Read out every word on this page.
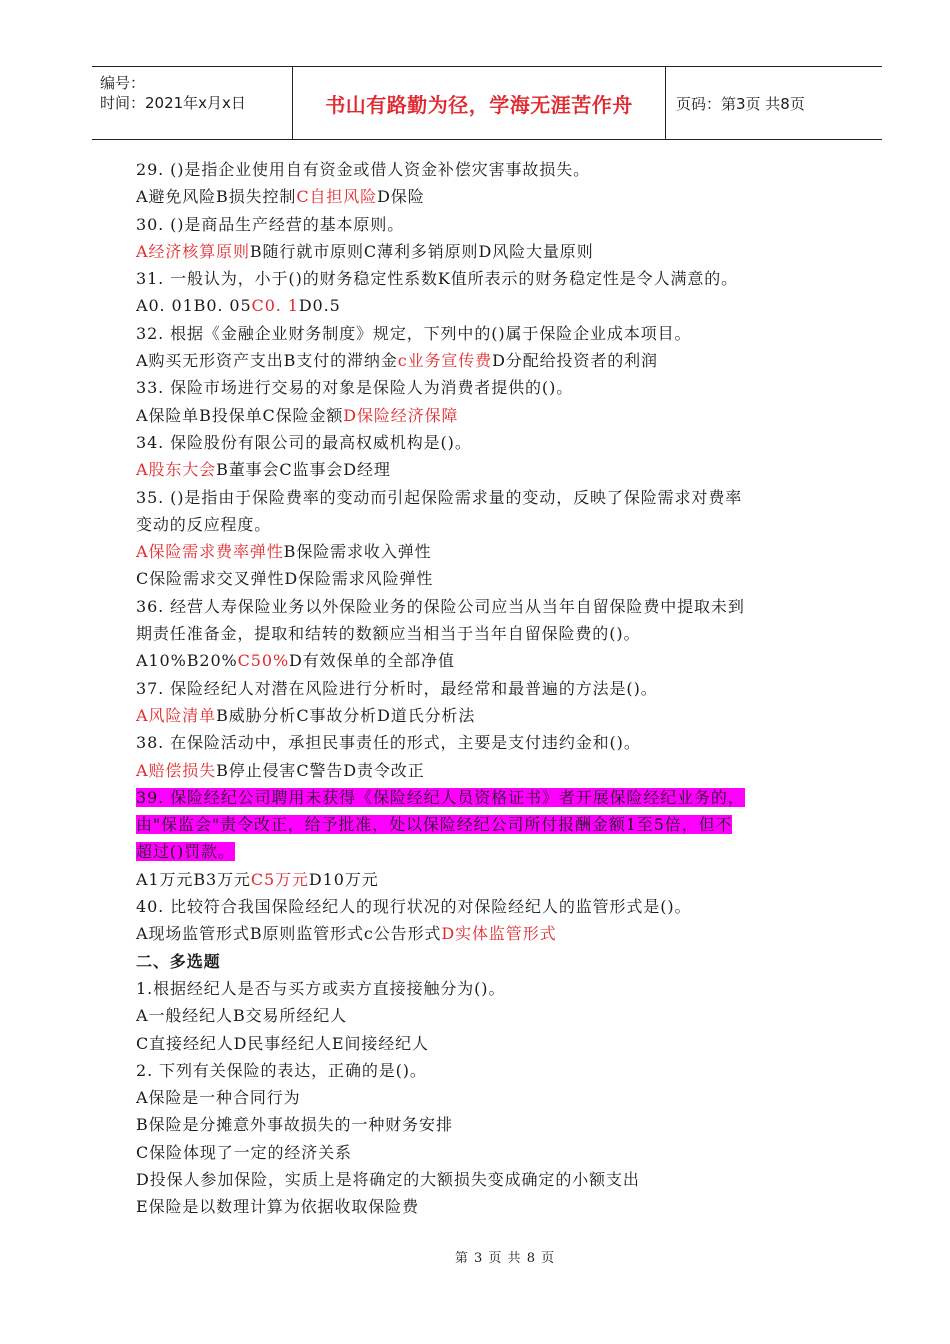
编号：
时间：2021年x月x日	书山有路勤为径，学海无涯苦作舟	页码：第3页 共8页
29. ()是指企业使用自有资金或借人资金补偿灾害事故损失。
A避免风险B损失控制C自担风险D保险
30. ()是商品生产经营的基本原则。
A经济核算原则B随行就市原则C薄利多销原则D风险大量原则
31. 一般认为，小于()的财务稳定性系数K值所表示的财务稳定性是令人满意的。
A0. 01B0. 05C0. 1D0.5
32. 根据《金融企业财务制度》规定，下列中的()属于保险企业成本项目。
A购买无形资产支出B支付的滞纳金c业务宣传费D分配给投资者的利润
33. 保险市场进行交易的对象是保险人为消费者提供的()。
A保险单B投保单C保险金额D保险经济保障
34. 保险股份有限公司的最高权威机构是()。
A股东大会B董事会C监事会D经理
35. ()是指由于保险费率的变动而引起保险需求量的变动，反映了保险需求对费率
变动的反应程度。
A保险需求费率弹性B保险需求收入弹性
C保险需求交叉弹性D保险需求风险弹性
36. 经营人寿保险业务以外保险业务的保险公司应当从当年自留保险费中提取未到
期责任准备金，提取和结转的数额应当相当于当年自留保险费的()。
A10%B20%C50%D有效保单的全部净值
37. 保险经纪人对潜在风险进行分析时，最经常和最普遍的方法是()。
A风险清单B威胁分析C事故分析D道氏分析法
38. 在保险活动中，承担民事责任的形式，主要是支付违约金和()。
A赔偿损失B停止侵害C警告D责令改正
39. 保险经纪公司聘用未获得《保险经纪人员资格证书》者开展保险经纪业务的，
由"保监会"责令改正，给予批准，处以保险经纪公司所付报酬金额1至5倍，但不
超过()罚款。
A1万元B3万元C5万元D10万元
40. 比较符合我国保险经纪人的现行状况的对保险经纪人的监管形式是()。
A现场监管形式B原则监管形式c公告形式D实体监管形式
二、多选题
1.根据经纪人是否与买方或卖方直接接触分为()。
A一般经纪人B交易所经纪人
C直接经纪人D民事经纪人E间接经纪人
2. 下列有关保险的表达，正确的是()。
A保险是一种合同行为
B保险是分摊意外事故损失的一种财务安排
C保险体现了一定的经济关系
D投保人参加保险，实质上是将确定的大额损失变成确定的小额支出
E保险是以数理计算为依据收取保险费
第 3 页 共 8 页
